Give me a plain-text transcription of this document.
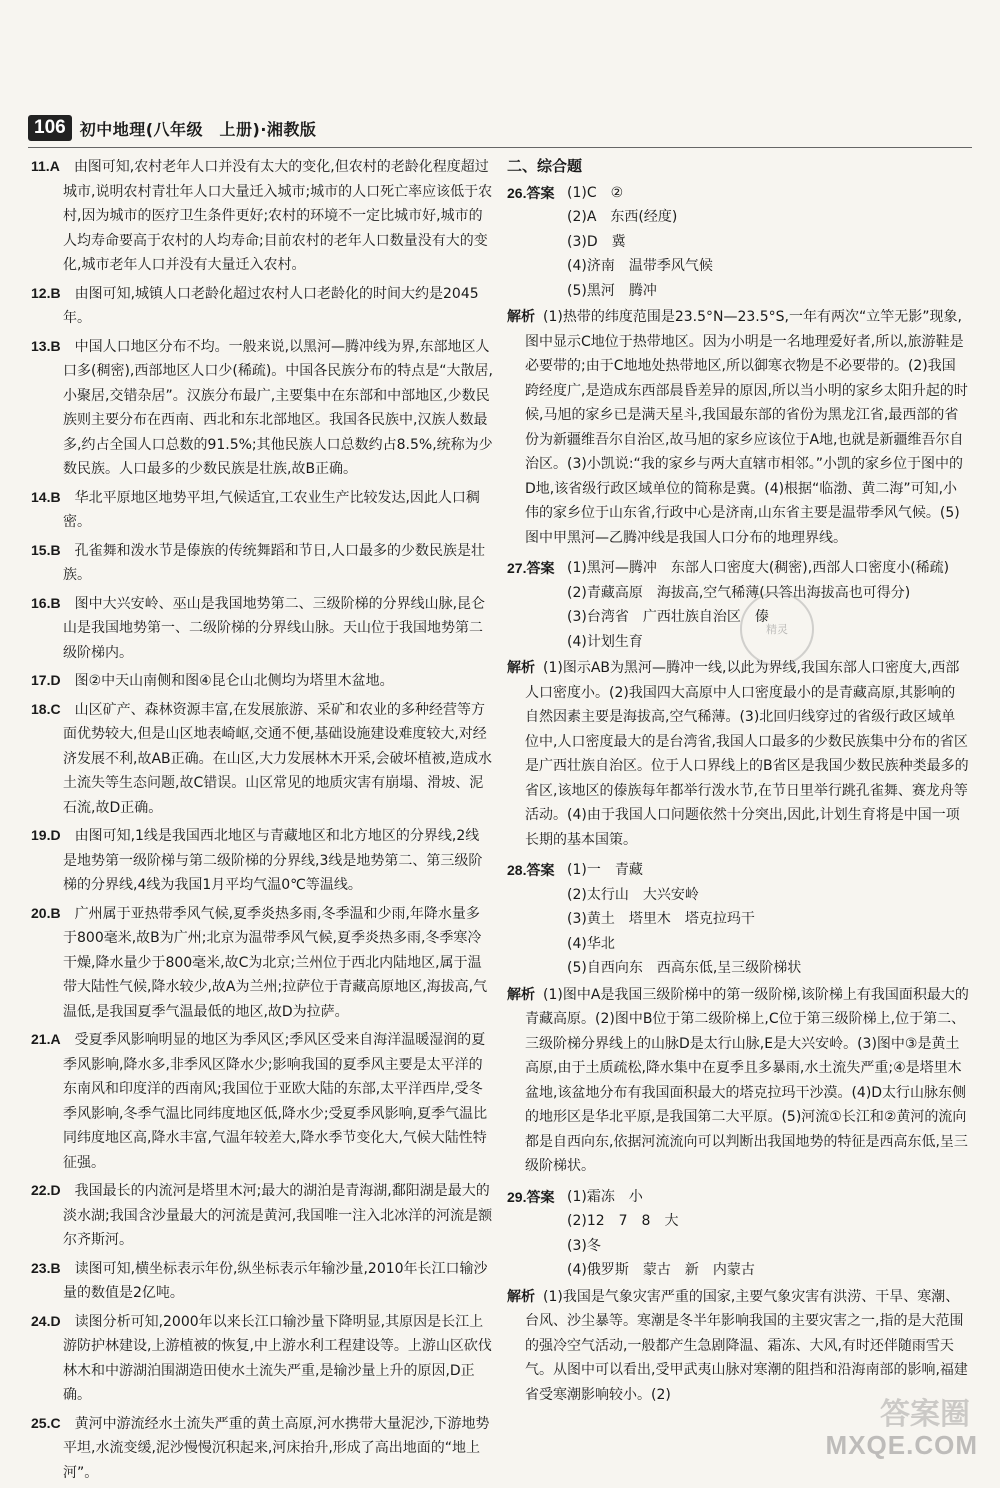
106 初中地理(八年级　上册)·湘教版
11.A　 由图可知,农村老年人口并没有太大的变化,但农村的老龄化程度超过城市,说明农村青壮年人口大量迁入城市;城市的人口死亡率应该低于农村,因为城市的医疗卫生条件更好;农村的环境不一定比城市好,城市的人均寿命要高于农村的人均寿命;目前农村的老年人口数量没有大的变化,城市老年人口并没有大量迁入农村。
12.B　 由图可知,城镇人口老龄化超过农村人口老龄化的时间大约是2045年。
13.B　 中国人口地区分布不均。一般来说,以黑河—腾冲线为界,东部地区人口多(稠密),西部地区人口少(稀疏)。中国各民族分布的特点是“大散居,小聚居,交错杂居”。汉族分布最广,主要集中在东部和中部地区,少数民族则主要分布在西南、西北和东北部地区。我国各民族中,汉族人数最多,约占全国人口总数的91.5%;其他民族人口总数约占8.5%,统称为少数民族。人口最多的少数民族是壮族,故B正确。
14.B　 华北平原地区地势平坦,气候适宜,工农业生产比较发达,因此人口稠密。
15.B　 孔雀舞和泼水节是傣族的传统舞蹈和节日,人口最多的少数民族是壮族。
16.B　 图中大兴安岭、巫山是我国地势第二、三级阶梯的分界线山脉,昆仑山是我国地势第一、二级阶梯的分界线山脉。天山位于我国地势第二级阶梯内。
17.D　 图②中天山南侧和图④昆仑山北侧均为塔里木盆地。
18.C　 山区矿产、森林资源丰富,在发展旅游、采矿和农业的多种经营等方面优势较大,但是山区地表崎岖,交通不便,基础设施建设难度较大,对经济发展不利,故AB正确。在山区,大力发展林木开采,会破坏植被,造成水土流失等生态问题,故C错误。山区常见的地质灾害有崩塌、滑坡、泥石流,故D正确。
19.D　 由图可知,1线是我国西北地区与青藏地区和北方地区的分界线,2线是地势第一级阶梯与第二级阶梯的分界线,3线是地势第二、第三级阶梯的分界线,4线为我国1月平均气温0℃等温线。
20.B　 广州属于亚热带季风气候,夏季炎热多雨,冬季温和少雨,年降水量多于800毫米,故B为广州;北京为温带季风气候,夏季炎热多雨,冬季寒冷干燥,降水量少于800毫米,故C为北京;兰州位于西北内陆地区,属于温带大陆性气候,降水较少,故A为兰州;拉萨位于青藏高原地区,海拔高,气温低,是我国夏季气温最低的地区,故D为拉萨。
21.A　 受夏季风影响明显的地区为季风区;季风区受来自海洋温暖湿润的夏季风影响,降水多,非季风区降水少;影响我国的夏季风主要是太平洋的东南风和印度洋的西南风;我国位于亚欧大陆的东部,太平洋西岸,受冬季风影响,冬季气温比同纬度地区低,降水少;受夏季风影响,夏季气温比同纬度地区高,降水丰富,气温年较差大,降水季节变化大,气候大陆性特征强。
22.D　 我国最长的内流河是塔里木河;最大的湖泊是青海湖,鄱阳湖是最大的淡水湖;我国含沙量最大的河流是黄河,我国唯一注入北冰洋的河流是额尔齐斯河。
23.B　 读图可知,横坐标表示年份,纵坐标表示年输沙量,2010年长江口输沙量的数值是2亿吨。
24.D　 读图分析可知,2000年以来长江口输沙量下降明显,其原因是长江上游防护林建设,上游植被的恢复,中上游水利工程建设等。上游山区砍伐林木和中游湖泊围湖造田使水土流失严重,是输沙量上升的原因,D正确。
25.C　 黄河中游流经水土流失严重的黄土高原,河水携带大量泥沙,下游地势平坦,水流变缓,泥沙慢慢沉积起来,河床抬升,形成了高出地面的“地上河”。
二、综合题
26.答案 (1)C　②
(2)A　东西(经度)
(3)D　冀
(4)济南　温带季风气候
(5)黑河　腾冲
解析 (1)热带的纬度范围是23.5°N—23.5°S,一年有两次“立竿无影”现象,图中显示C地位于热带地区。因为小明是一名地理爱好者,所以,旅游鞋是必要带的;由于C地地处热带地区,所以御寒衣物是不必要带的。(2)我国跨经度广,是造成东西部晨昏差异的原因,所以当小明的家乡太阳升起的时候,马旭的家乡已是满天星斗,我国最东部的省份为黑龙江省,最西部的省份为新疆维吾尔自治区,故马旭的家乡应该位于A地,也就是新疆维吾尔自治区。(3)小凯说:“我的家乡与两大直辖市相邻。”小凯的家乡位于图中的D地,该省级行政区域单位的简称是冀。(4)根据“临渤、黄二海”可知,小伟的家乡位于山东省,行政中心是济南,山东省主要是温带季风气候。(5)图中甲黑河—乙腾冲线是我国人口分布的地理界线。
27.答案 (1)黑河—腾冲　东部人口密度大(稠密),西部人口密度小(稀疏)
(2)青藏高原　海拔高,空气稀薄(只答出海拔高也可得分)
(3)台湾省　广西壮族自治区　傣
(4)计划生育
解析 (1)图示AB为黑河—腾冲一线,以此为界线,我国东部人口密度大,西部人口密度小。(2)我国四大高原中人口密度最小的是青藏高原,其影响的自然因素主要是海拔高,空气稀薄。(3)北回归线穿过的省级行政区域单位中,人口密度最大的是台湾省,我国人口最多的少数民族集中分布的省区是广西壮族自治区。位于人口界线上的B省区是我国少数民族种类最多的省区,该地区的傣族每年都举行泼水节,在节日里举行跳孔雀舞、赛龙舟等活动。(4)由于我国人口问题依然十分突出,因此,计划生育将是中国一项长期的基本国策。
28.答案 (1)一　青藏
(2)太行山　大兴安岭
(3)黄土　塔里木　塔克拉玛干
(4)华北
(5)自西向东　西高东低,呈三级阶梯状
解析 (1)图中A是我国三级阶梯中的第一级阶梯,该阶梯上有我国面积最大的青藏高原。(2)图中B位于第二级阶梯上,C位于第三级阶梯上,位于第二、三级阶梯分界线上的山脉D是太行山脉,E是大兴安岭。(3)图中③是黄土高原,由于土质疏松,降水集中在夏季且多暴雨,水土流失严重;④是塔里木盆地,该盆地分布有我国面积最大的塔克拉玛干沙漠。(4)D太行山脉东侧的地形区是华北平原,是我国第二大平原。(5)河流①长江和②黄河的流向都是自西向东,依据河流流向可以判断出我国地势的特征是西高东低,呈三级阶梯状。
29.答案 (1)霜冻　小
(2)12　7　8　大
(3)冬
(4)俄罗斯　蒙古　新　内蒙古
解析 (1)我国是气象灾害严重的国家,主要气象灾害有洪涝、干旱、寒潮、台风、沙尘暴等。寒潮是冬半年影响我国的主要灾害之一,指的是大范围的强冷空气活动,一般都产生急剧降温、霜冻、大风,有时还伴随雨雪天气。从图中可以看出,受甲武夷山脉对寒潮的阻挡和沿海南部的影响,福建省受寒潮影响较小。(2)
精灵
答案圈
MXQE.COM
